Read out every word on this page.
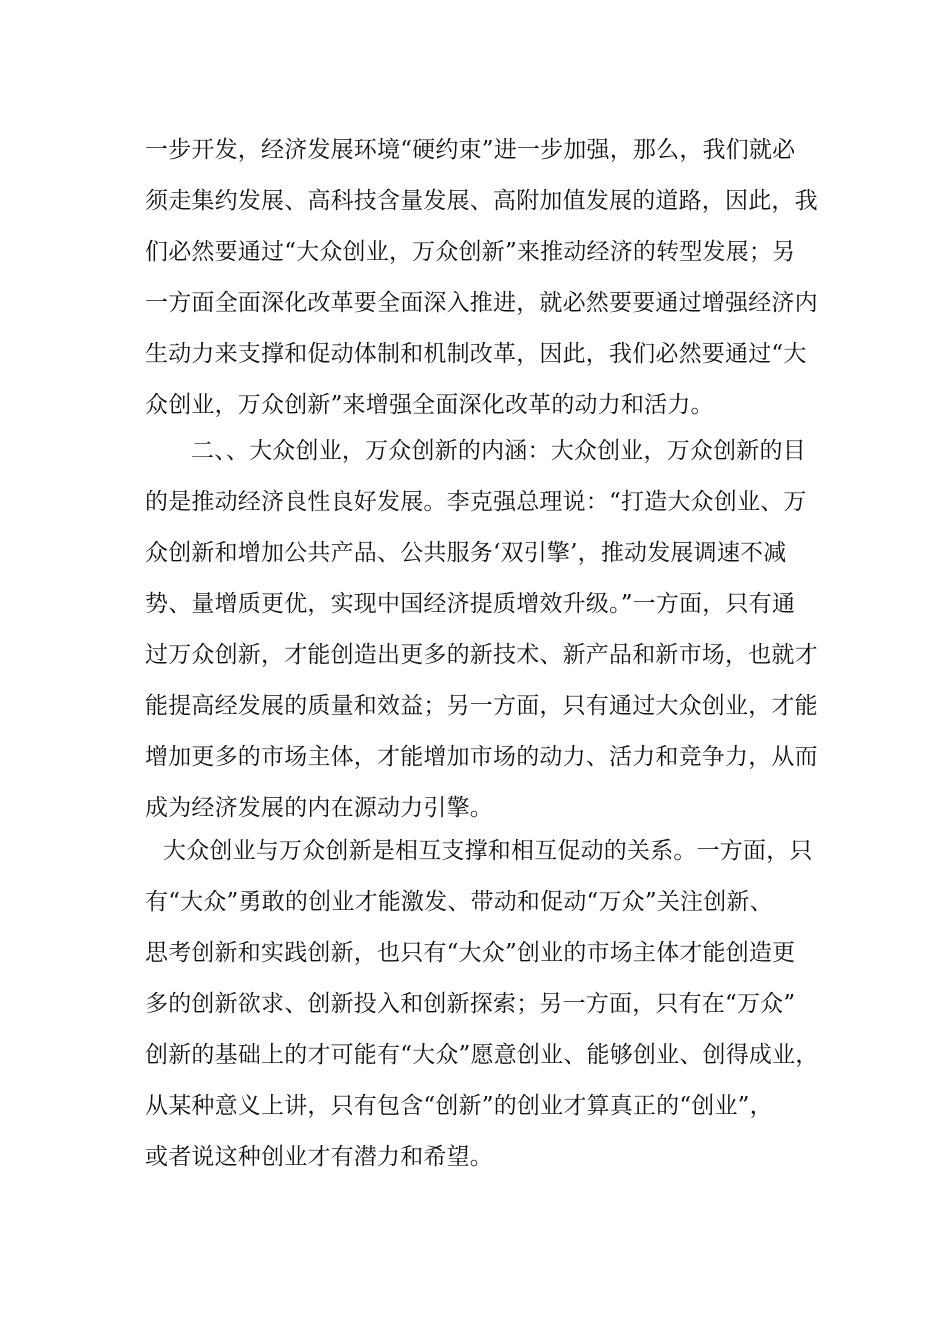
一步开发，经济发展环境“硬约束”进一步加强，那么，我们就必
须走集约发展、高科技含量发展、高附加值发展的道路，因此，我
们必然要通过“大众创业，万众创新”来推动经济的转型发展；另
一方面全面深化改革要全面深入推进，就必然要要通过增强经济内
生动力来支撑和促动体制和机制改革，因此，我们必然要通过“大
众创业，万众创新”来增强全面深化改革的动力和活力。
二、、大众创业，万众创新的内涵：大众创业，万众创新的目
的是推动经济良性良好发展。李克强总理说：“打造大众创业、万
众创新和增加公共产品、公共服务‘双引擎’，推动发展调速不减
势、量增质更优，实现中国经济提质增效升级。”一方面，只有通
过万众创新，才能创造出更多的新技术、新产品和新市场，也就才
能提高经发展的质量和效益；另一方面，只有通过大众创业，才能
增加更多的市场主体，才能增加市场的动力、活力和竞争力，从而
成为经济发展的内在源动力引擎。
大众创业与万众创新是相互支撑和相互促动的关系。一方面，只
有“大众”勇敢的创业才能激发、带动和促动“万众”关注创新、
思考创新和实践创新，也只有“大众”创业的市场主体才能创造更
多的创新欲求、创新投入和创新探索；另一方面，只有在“万众”
创新的基础上的才可能有“大众”愿意创业、能够创业、创得成业，
从某种意义上讲，只有包含“创新”的创业才算真正的“创业”，
或者说这种创业才有潜力和希望。
